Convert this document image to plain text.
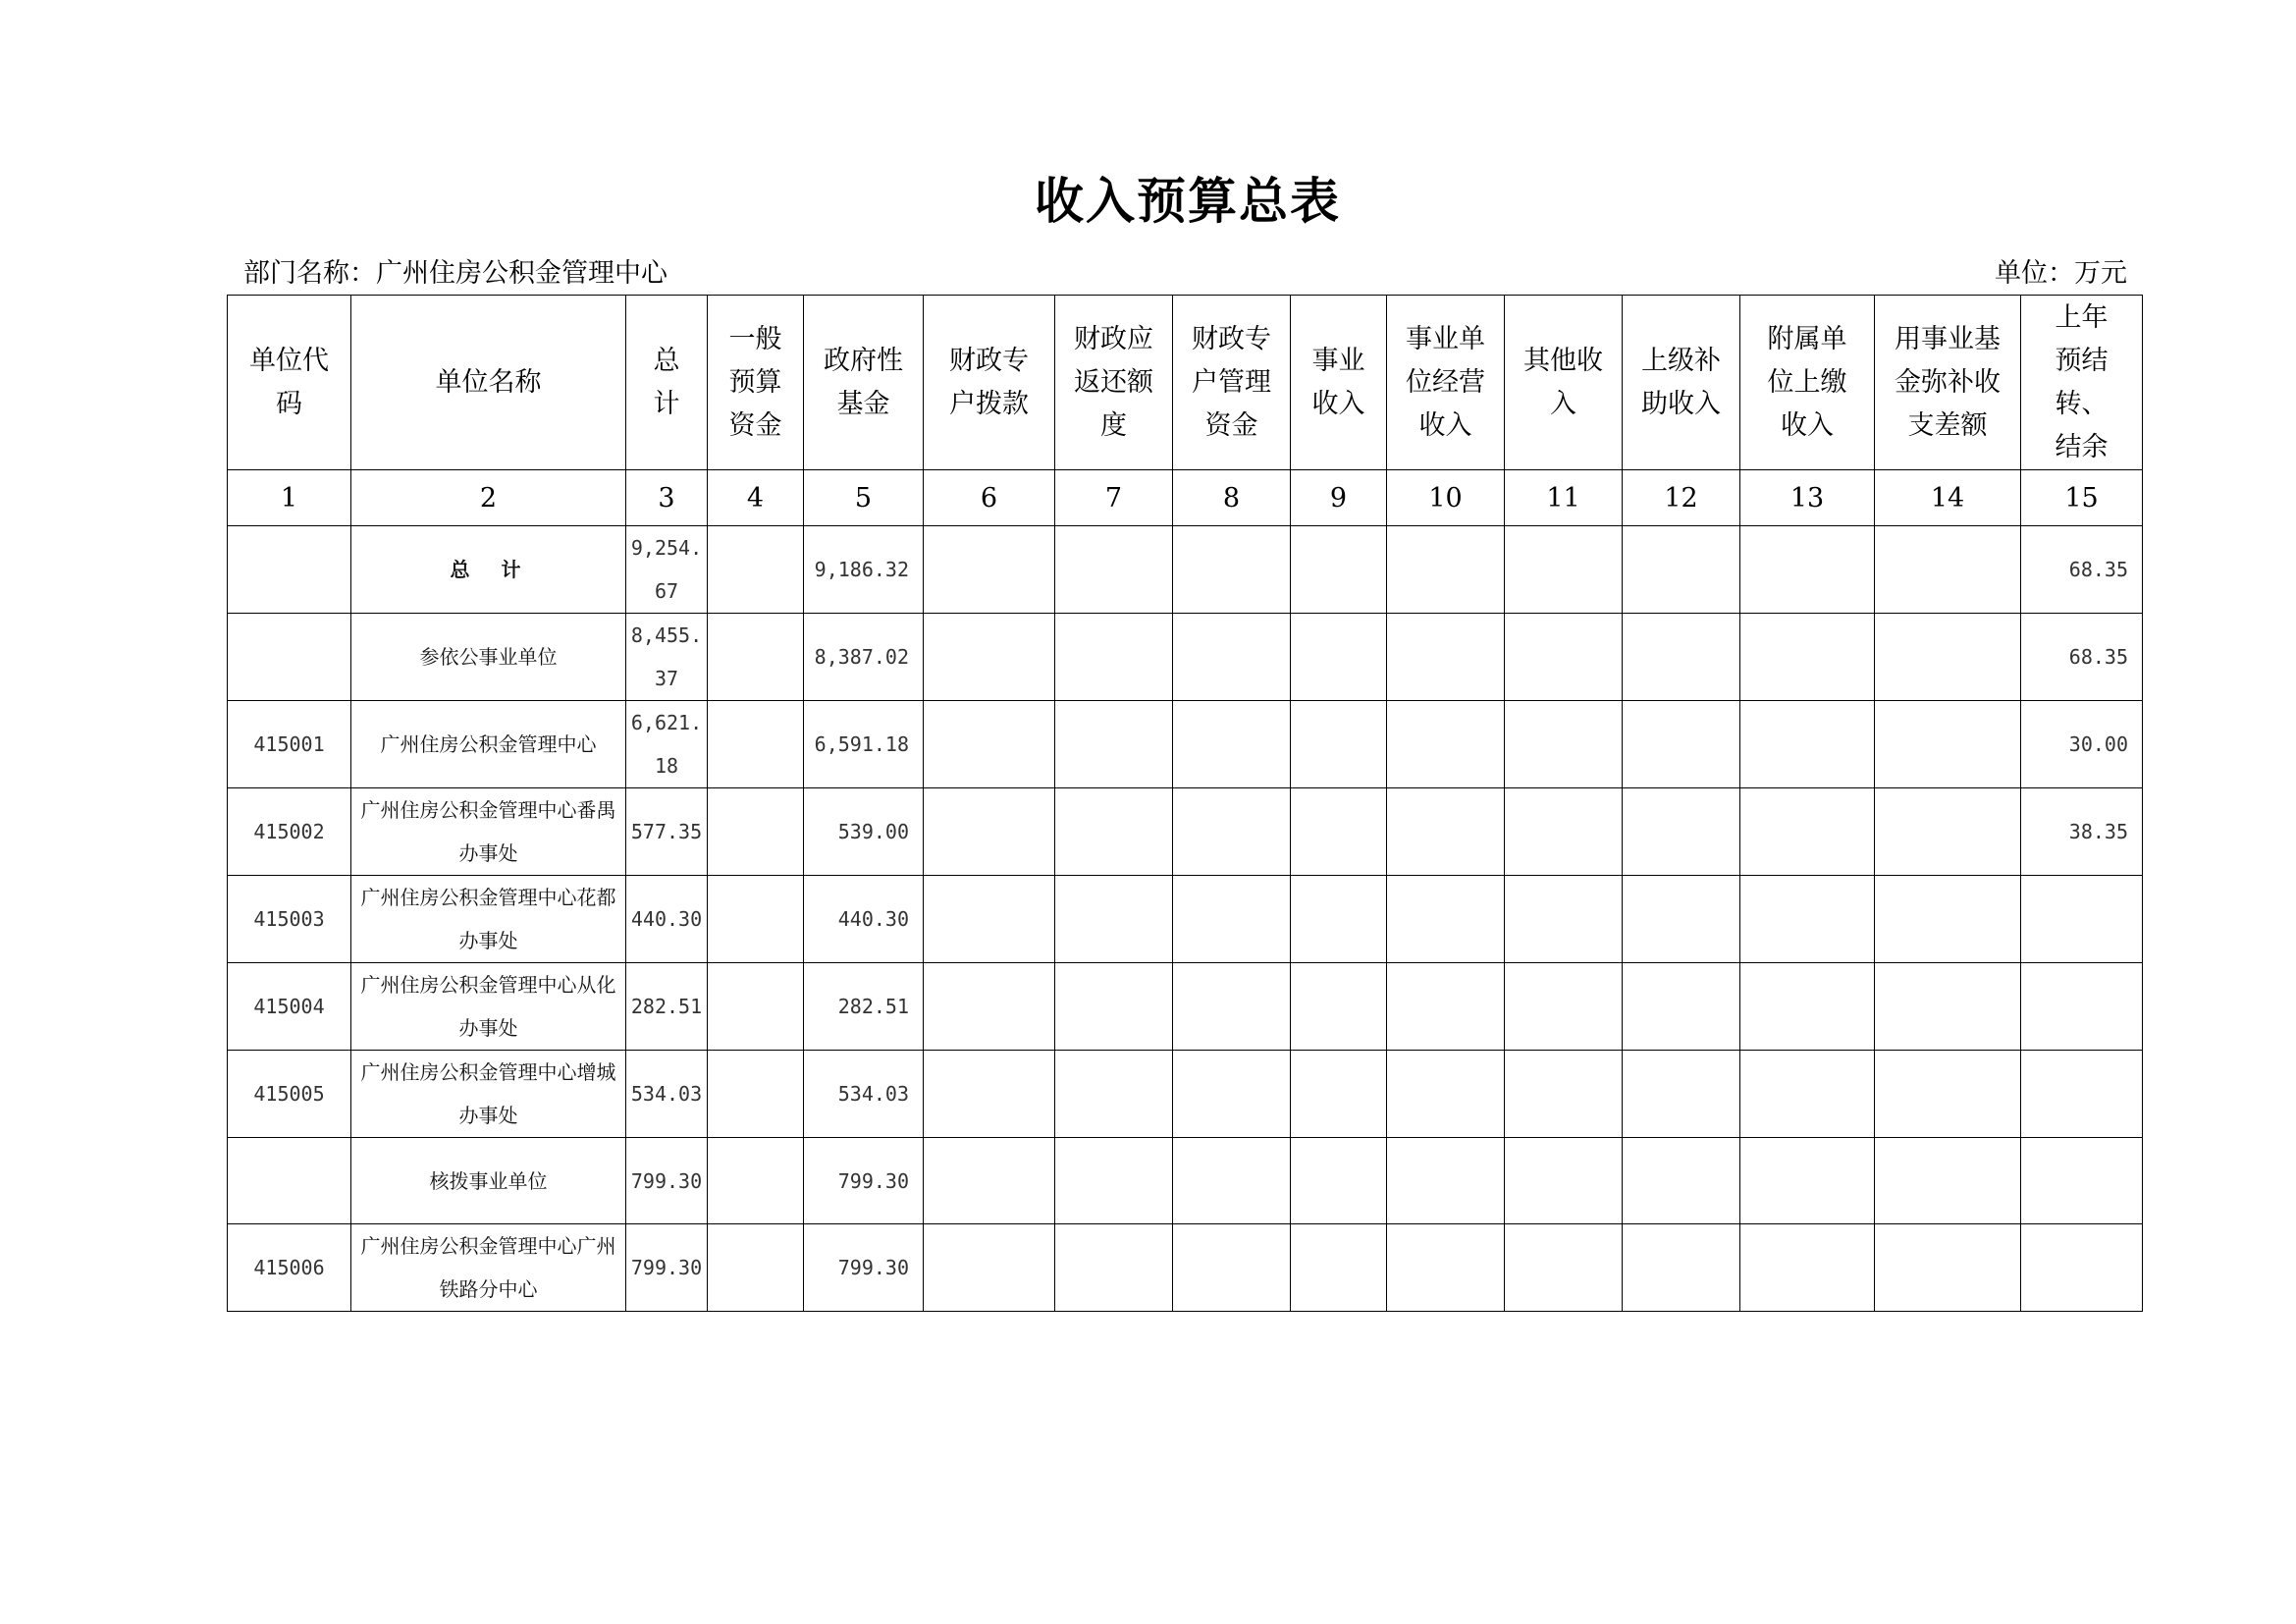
收入预算总表
部门名称：广州住房公积金管理中心	单位：万元
单位代码	单位名称	总计	一般预算资金	政府性基金	财政专户拨款	财政应返还额度	财政专户管理资金	事业收入	事业单位经营收入	其他收入	上级补助收入	附属单位上缴收入	用事业基金弥补收支差额	上年预结转、结余
1	2	3	4	5	6	7	8	9	10	11	12	13	14	15
	总　计	9,254.67		9,186.32										68.35
	参依公事业单位	8,455.37		8,387.02										68.35
415001	广州住房公积金管理中心	6,621.18		6,591.18										30.00
415002	广州住房公积金管理中心番禺办事处	577.35		539.00										38.35
415003	广州住房公积金管理中心花都办事处	440.30		440.30										
415004	广州住房公积金管理中心从化办事处	282.51		282.51										
415005	广州住房公积金管理中心增城办事处	534.03		534.03										
	核拨事业单位	799.30		799.30										
415006	广州住房公积金管理中心广州铁路分中心	799.30		799.30										
